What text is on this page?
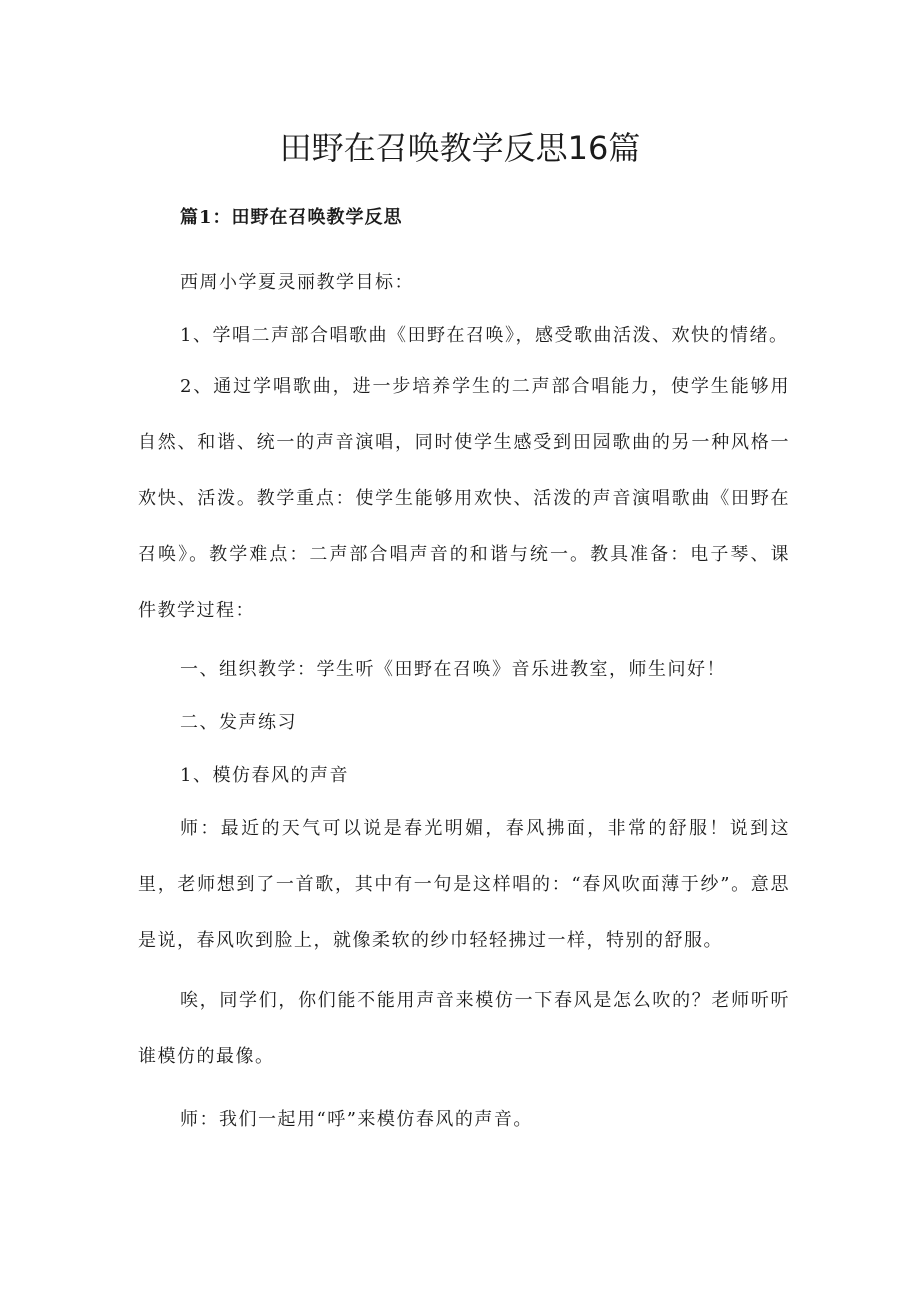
田野在召唤教学反思16篇
篇1：田野在召唤教学反思

西周小学夏灵丽教学目标：

1、学唱二声部合唱歌曲《田野在召唤》，感受歌曲活泼、欢快的情绪。

2、通过学唱歌曲，进一步培养学生的二声部合唱能力，使学生能够用自然、和谐、统一的声音演唱，同时使学生感受到田园歌曲的另一种风格一欢快、活泼。教学重点：使学生能够用欢快、活泼的声音演唱歌曲《田野在召唤》。教学难点：二声部合唱声音的和谐与统一。教具准备：电子琴、课件教学过程：

一、组织教学：学生听《田野在召唤》音乐进教室，师生问好！

二、发声练习

1、模仿春风的声音

师：最近的天气可以说是春光明媚，春风拂面，非常的舒服！说到这里，老师想到了一首歌，其中有一句是这样唱的：“春风吹面薄于纱”。意思是说，春风吹到脸上，就像柔软的纱巾轻轻拂过一样，特别的舒服。

唉，同学们，你们能不能用声音来模仿一下春风是怎么吹的？老师听听谁模仿的最像。

师：我们一起用“呼”来模仿春风的声音。
